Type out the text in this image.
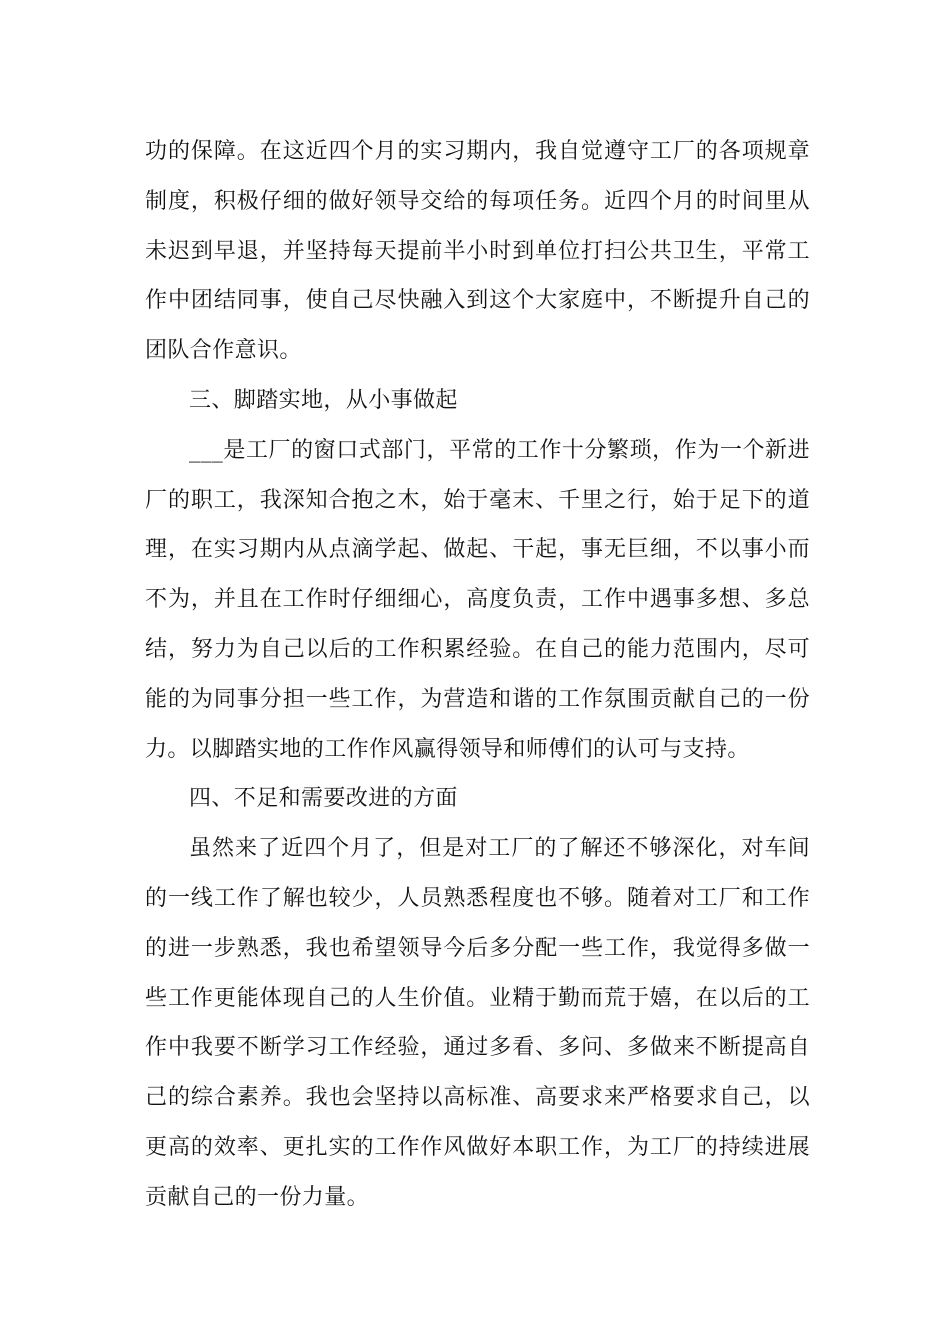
功的保障。在这近四个月的实习期内，我自觉遵守工厂的各项规章制度，积极仔细的做好领导交给的每项任务。近四个月的时间里从未迟到早退，并坚持每天提前半小时到单位打扫公共卫生，平常工作中团结同事，使自己尽快融入到这个大家庭中，不断提升自己的团队合作意识。

三、脚踏实地，从小事做起

___是工厂的窗口式部门，平常的工作十分繁琐，作为一个新进厂的职工，我深知合抱之木，始于毫末、千里之行，始于足下的道理，在实习期内从点滴学起、做起、干起，事无巨细，不以事小而不为，并且在工作时仔细细心，高度负责，工作中遇事多想、多总结，努力为自己以后的工作积累经验。在自己的能力范围内，尽可能的为同事分担一些工作，为营造和谐的工作氛围贡献自己的一份力。以脚踏实地的工作作风赢得领导和师傅们的认可与支持。

四、不足和需要改进的方面

虽然来了近四个月了，但是对工厂的了解还不够深化，对车间的一线工作了解也较少，人员熟悉程度也不够。随着对工厂和工作的进一步熟悉，我也希望领导今后多分配一些工作，我觉得多做一些工作更能体现自己的人生价值。业精于勤而荒于嬉，在以后的工作中我要不断学习工作经验，通过多看、多问、多做来不断提高自己的综合素养。我也会坚持以高标准、高要求来严格要求自己，以更高的效率、更扎实的工作作风做好本职工作，为工厂的持续进展贡献自己的一份力量。
